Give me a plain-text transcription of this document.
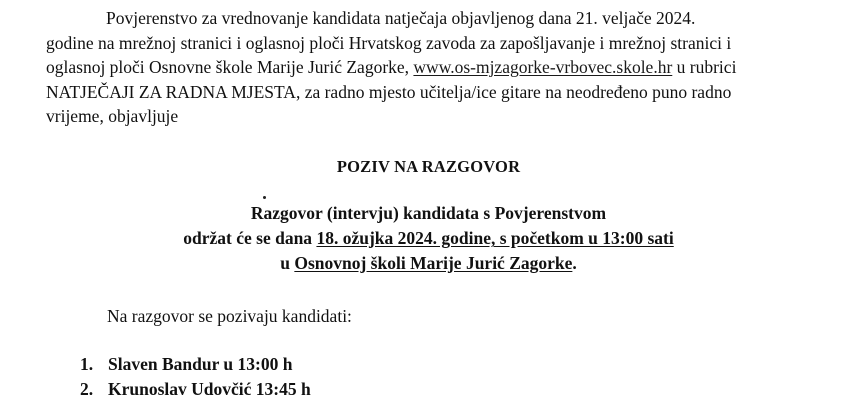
Povjerenstvo za vrednovanje kandidata natječaja objavljenog dana 21. veljače 2024.
godine na mrežnoj stranici i oglasnoj ploči Hrvatskog zavoda za zapošljavanje i mrežnoj stranici i
oglasnoj ploči Osnovne škole Marije Jurić Zagorke, www.os-mjzagorke-vrbovec.skole.hr u rubrici
NATJEČAJI ZA RADNA MJESTA, za radno mjesto učitelja/ice gitare na neodređeno puno radno
vrijeme, objavljuje
POZIV NA RAZGOVOR
Razgovor (intervju) kandidata s Povjerenstvom
održat će se dana 18. ožujka 2024. godine, s početkom u 13:00 sati
u Osnovnoj školi Marije Jurić Zagorke.
Na razgovor se pozivaju kandidati:
1. Slaven Bandur u 13:00 h
2. Krunoslav Udovčić 13:45 h
